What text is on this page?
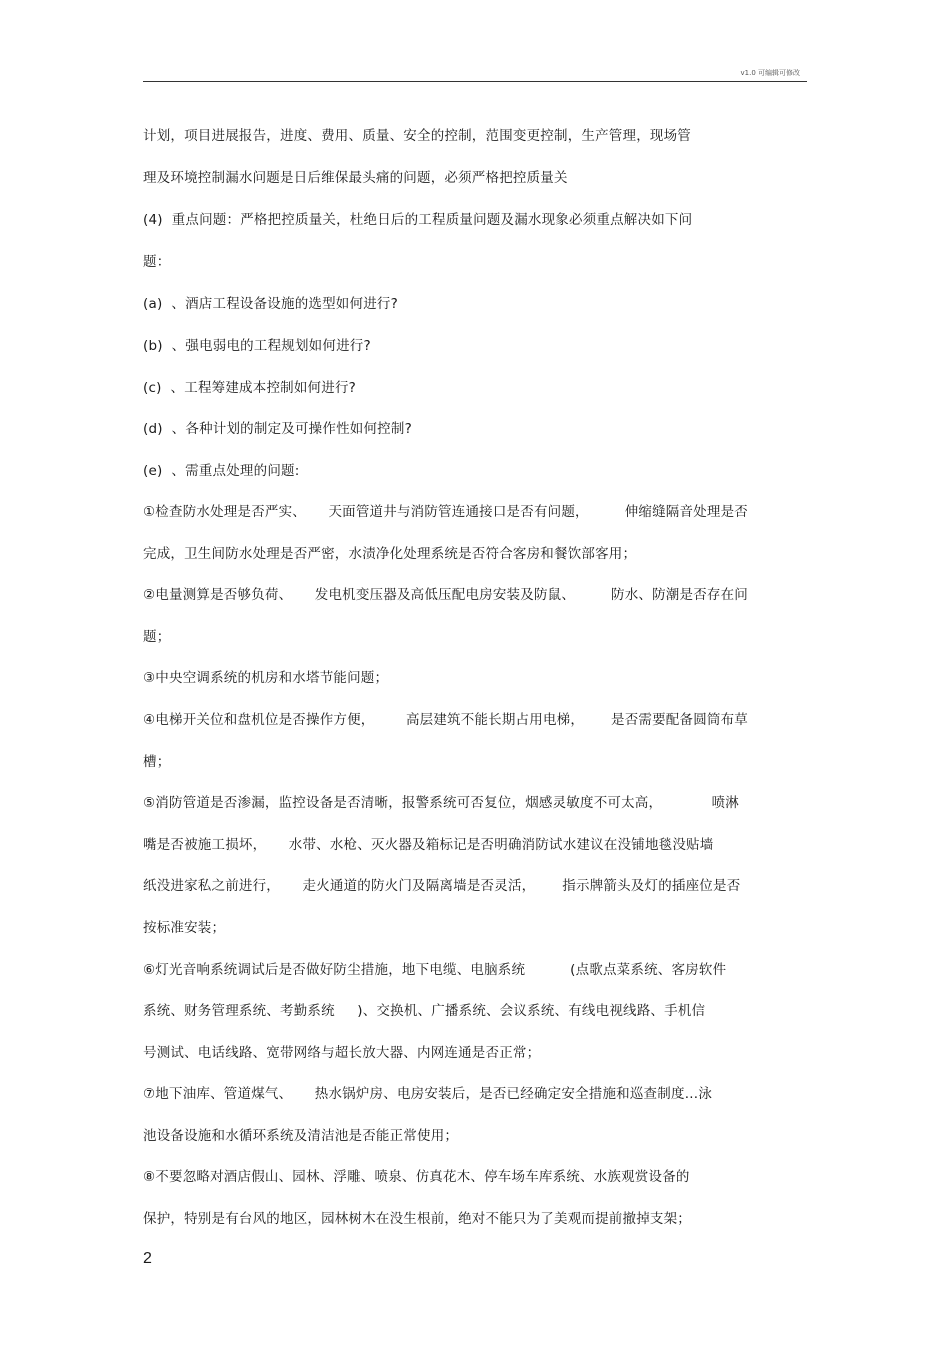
v1.0 可编辑可修改
计划，项目进展报告，进度、费用、质量、安全的控制，范围变更控制，生产管理，现场管
理及环境控制漏水问题是日后维保最头痛的问题，必须严格把控质量关
(4)  重点问题：严格把控质量关，杜绝日后的工程质量问题及漏水现象必须重点解决如下问
题：
(a)  、酒店工程设备设施的选型如何进行?
(b)  、强电弱电的工程规划如何进行?
(c)  、工程筹建成本控制如何进行?
(d)  、各种计划的制定及可操作性如何控制?
(e)  、需重点处理的问题:
①检查防水处理是否严实、     天面管道井与消防管连通接口是否有问题，        伸缩缝隔音处理是否
完成，卫生间防水处理是否严密，水渍净化处理系统是否符合客房和餐饮部客用；
②电量测算是否够负荷、     发电机变压器及高低压配电房安装及防鼠、        防水、防潮是否存在问
题；
③中央空调系统的机房和水塔节能问题；
④电梯开关位和盘机位是否操作方便，       高层建筑不能长期占用电梯，      是否需要配备圆筒布草
槽；
⑤消防管道是否渗漏，监控设备是否清晰，报警系统可否复位，烟感灵敏度不可太高，           喷淋
嘴是否被施工损坏，     水带、水枪、灭火器及箱标记是否明确消防试水建议在没铺地毯没贴墙
纸没进家私之前进行，     走火通道的防火门及隔离墙是否灵活，      指示牌箭头及灯的插座位是否
按标准安装；
⑥灯光音响系统调试后是否做好防尘措施，地下电缆、电脑系统          (点歌点菜系统、客房软件
系统、财务管理系统、考勤系统     )、交换机、广播系统、会议系统、有线电视线路、手机信
号测试、电话线路、宽带网络与超长放大器、内网连通是否正常；
⑦地下油库、管道煤气、     热水锅炉房、电房安装后，是否已经确定安全措施和巡查制度…泳
池设备设施和水循环系统及清洁池是否能正常使用；
⑧不要忽略对酒店假山、园林、浮雕、喷泉、仿真花木、停车场车库系统、水族观赏设备的
保护，特别是有台风的地区，园林树木在没生根前，绝对不能只为了美观而提前撤掉支架；
2
